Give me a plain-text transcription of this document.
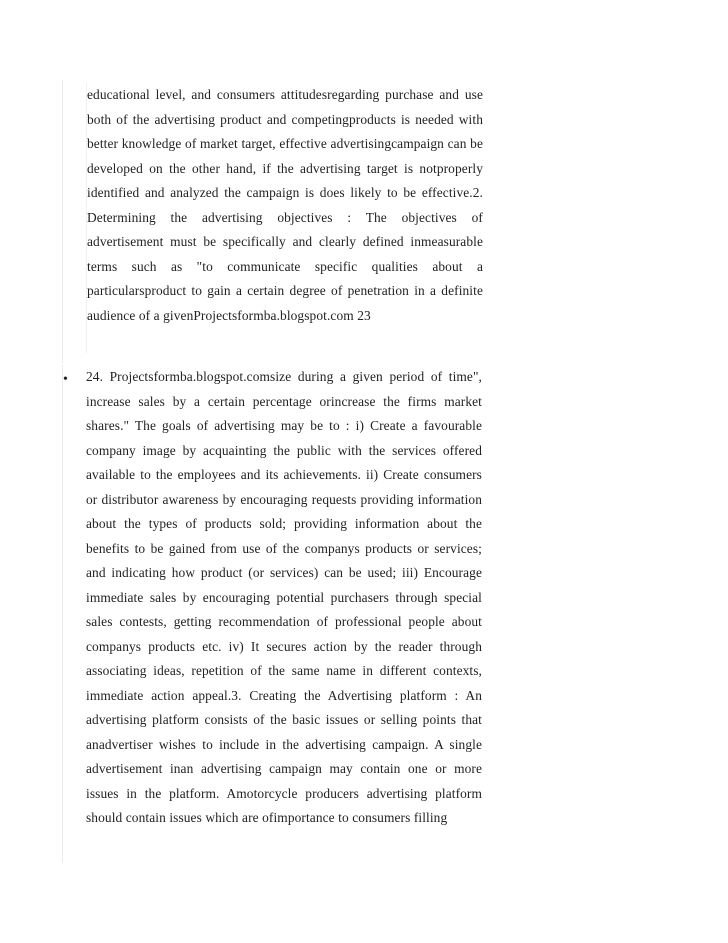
educational level, and consumers attitudesregarding purchase and use both of the advertising product and competingproducts is needed with better knowledge of market target, effective advertisingcampaign can be developed on the other hand, if the advertising target is notproperly identified and analyzed the campaign is does likely to be effective.2. Determining the advertising objectives : The objectives of advertisement must be specifically and clearly defined inmeasurable terms such as "to communicate specific qualities about a particularsproduct to gain a certain degree of penetration in a definite audience of a givenProjectsformba.blogspot.com 23

• 24. Projectsformba.blogspot.comsize during a given period of time", increase sales by a certain percentage orincrease the firms market shares." The goals of advertising may be to : i) Create a favourable company image by acquainting the public with the services offered available to the employees and its achievements. ii) Create consumers or distributor awareness by encouraging requests providing information about the types of products sold; providing information about the benefits to be gained from use of the companys products or services; and indicating how product (or services) can be used; iii) Encourage immediate sales by encouraging potential purchasers through special sales contests, getting recommendation of professional people about companys products etc. iv) It secures action by the reader through associating ideas, repetition of the same name in different contexts, immediate action appeal.3. Creating the Advertising platform : An advertising platform consists of the basic issues or selling points that anadvertiser wishes to include in the advertising campaign. A single advertisement inan advertising campaign may contain one or more issues in the platform. Amotorcycle producers advertising platform should contain issues which are ofimportance to consumers filling
